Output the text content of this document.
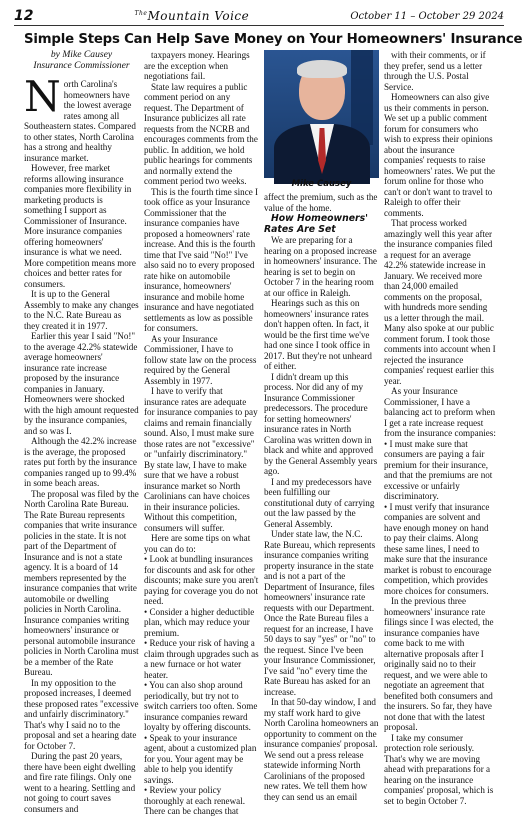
12	$^{The}$Mountain Voice	October 11 – October 29 2024
Simple Steps Can Help Save Money on Your Homeowners' Insurance
by Mike Causey
Insurance Commissioner

North Carolina's homeowners have the lowest average rates among all Southeastern states. Compared to other states, North Carolina has a strong and healthy insurance market.

However, free market reforms allowing insurance companies more flexibility in marketing products is something I support as Commissioner of Insurance. More insurance companies offering homeowners' insurance is what we need. More competition means more choices and better rates for consumers.

It is up to the General Assembly to make any changes to the N.C. Rate Bureau as they created it in 1977.

Earlier this year I said "No!" to the average 42.2% statewide average homeowners' insurance rate increase proposed by the insurance companies in January. Homeowners were shocked with the high amount requested by the insurance companies, and so was I.

Although the 42.2% increase is the average, the proposed rates put forth by the insurance companies ranged up to 99.4% in some beach areas.

The proposal was filed by the North Carolina Rate Bureau. The Rate Bureau represents companies that write insurance policies in the state. It is not part of the Department of Insurance and is not a state agency. It is a board of 14 members represented by the insurance companies that write automobile or dwelling policies in North Carolina. Insurance companies writing homeowners' insurance or personal automobile insurance policies in North Carolina must be a member of the Rate Bureau.

In my opposition to the proposed increases, I deemed these proposed rates "excessive and unfairly discriminatory." That's why I said no to the proposal and set a hearing date for October 7.

During the past 20 years, there have been eight dwelling and fire rate filings. Only one went to a hearing. Settling and not going to court saves consumers and

taxpayers money. Hearings are the exception when negotiations fail.

State law requires a public comment period on any request. The Department of Insurance publicizes all rate requests from the NCRB and encourages comments from the public. In addition, we hold public hearings for comments and normally extend the comment period two weeks.

This is the fourth time since I took office as your Insurance Commissioner that the insurance companies have proposed a homeowners' rate increase. And this is the fourth time that I've said "No!" I've also said no to every proposed rate hike on automobile insurance, homeowners' insurance and mobile home insurance and have negotiated settlements as low as possible for consumers.

As your Insurance Commissioner, I have to follow state law on the process required by the General Assembly in 1977.

I have to verify that insurance rates are adequate for insurance companies to pay claims and remain financially sound. Also, I must make sure those rates are not "excessive" or "unfairly discriminatory." By state law, I have to make sure that we have a robust insurance market so North Carolinians can have choices in their insurance policies. Without this competition, consumers will suffer.

Here are some tips on what you can do to:

• Look at bundling insurances for discounts and ask for other discounts; make sure you aren't paying for coverage you do not need.

• Consider a higher deductible plan, which may reduce your premium.

• Reduce your risk of having a claim through upgrades such as a new furnace or hot water heater.

• You can also shop around periodically, but try not to switch carriers too often. Some insurance companies reward loyalty by offering discounts.

• Speak to your insurance agent, about a customized plan for you. Your agent may be able to help you identify savings.

• Review your policy thoroughly at each renewal. There can be changes that

Mike Causey

affect the premium, such as the value of the home.

How Homeowners' Rates Are Set

We are preparing for a hearing on a proposed increase in homeowners' insurance. The hearing is set to begin on October 7 in the hearing room at our office in Raleigh.

Hearings such as this on homeowners' insurance rates don't happen often. In fact, it would be the first time we've had one since I took office in 2017. But they're not unheard of either.

I didn't dream up this process. Nor did any of my Insurance Commissioner predecessors. The procedure for setting homeowners' insurance rates in North Carolina was written down in black and white and approved by the General Assembly years ago.

I and my predecessors have been fulfilling our constitutional duty of carrying out the law passed by the General Assembly.

Under state law, the N.C. Rate Bureau, which represents insurance companies writing property insurance in the state and is not a part of the Department of Insurance, files homeowners' insurance rate requests with our Department. Once the Rate Bureau files a request for an increase, I have 50 days to say "yes" or "no" to the request. Since I've been your Insurance Commissioner, I've said "no" every time the Rate Bureau has asked for an increase.

In that 50-day window, I and my staff work hard to give North Carolina homeowners an opportunity to comment on the insurance companies' proposal. We send out a press release statewide informing North Carolinians of the proposed new rates. We tell them how they can send us an email

with their comments, or if they prefer, send us a letter through the U.S. Postal Service.

Homeowners can also give us their comments in person. We set up a public comment forum for consumers who wish to express their opinions about the insurance companies' requests to raise homeowners' rates. We put the forum online for those who can't or don't want to travel to Raleigh to offer their comments.

That process worked amazingly well this year after the insurance companies filed a request for an average 42.2% statewide increase in January. We received more than 24,000 emailed comments on the proposal, with hundreds more sending us a letter through the mail. Many also spoke at our public comment forum. I took those comments into account when I rejected the insurance companies' request earlier this year.

As your Insurance Commissioner, I have a balancing act to preform when I get a rate increase request from the insurance companies:

• I must make sure that consumers are paying a fair premium for their insurance, and that the premiums are not excessive or unfairly discriminatory.

• I must verify that insurance companies are solvent and have enough money on hand to pay their claims. Along these same lines, I need to make sure that the insurance market is robust to encourage competition, which provides more choices for consumers.

In the previous three homeowners' insurance rate filings since I was elected, the insurance companies have come back to me with alternative proposals after I originally said no to their request, and we were able to negotiate an agreement that benefited both consumers and the insurers. So far, they have not done that with the latest proposal.

I take my consumer protection role seriously. That's why we are moving ahead with preparations for a hearing on the insurance companies' proposal, which is set to begin October 7.
